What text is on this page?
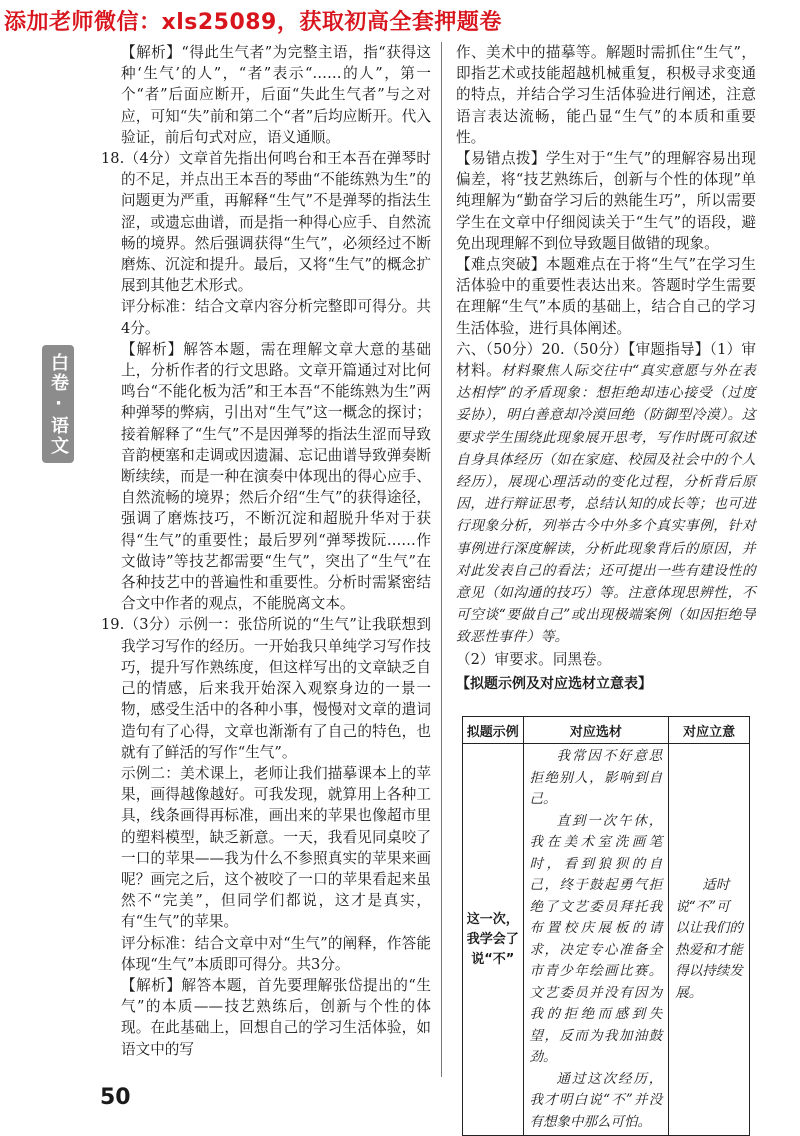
添加老师微信：xls25089，获取初高全套押题卷
白卷·语文

【解析】“得此生气者”为完整主语，指“获得这种‘生气’的人”，“者”表示“……的人”，第一个“者”后面应断开，后面“失此生气者”与之对应，可知“失”前和第二个“者”后均应断开。代入验证，前后句式对应，语义通顺。

18.（4分）文章首先指出何鸣台和王本吾在弹琴时的不足，并点出王本吾的琴曲“不能练熟为生”的问题更为严重，再解释“生气”不是弹琴的指法生涩，或遗忘曲谱，而是指一种得心应手、自然流畅的境界。然后强调获得“生气”，必须经过不断磨炼、沉淀和提升。最后，又将“生气”的概念扩展到其他艺术形式。

评分标准：结合文章内容分析完整即可得分。共4分。

【解析】解答本题，需在理解文章大意的基础上，分析作者的行文思路。文章开篇通过对比何鸣台“不能化板为活”和王本吾“不能练熟为生”两种弹琴的弊病，引出对“生气”这一概念的探讨；接着解释了“生气”不是因弹琴的指法生涩而导致音韵梗塞和走调或因遗漏、忘记曲谱导致弹奏断断续续，而是一种在演奏中体现出的得心应手、自然流畅的境界；然后介绍“生气”的获得途径，强调了磨炼技巧，不断沉淀和超脱升华对于获得“生气”的重要性；最后罗列“弹琴拨阮……作文做诗”等技艺都需要“生气”，突出了“生气”在各种技艺中的普遍性和重要性。分析时需紧密结合文中作者的观点，不能脱离文本。

19.（3分）示例一：张岱所说的“生气”让我联想到我学习写作的经历。一开始我只单纯学习写作技巧，提升写作熟练度，但这样写出的文章缺乏自己的情感，后来我开始深入观察身边的一景一物，感受生活中的各种小事，慢慢对文章的遣词造句有了心得，文章也渐渐有了自己的特色，也就有了鲜活的写作“生气”。

示例二：美术课上，老师让我们描摹课本上的苹果，画得越像越好。可我发现，就算用上各种工具，线条画得再标准，画出来的苹果也像超市里的塑料模型，缺乏新意。一天，我看见同桌咬了一口的苹果——我为什么不参照真实的苹果来画呢？画完之后，这个被咬了一口的苹果看起来虽然不“完美”，但同学们都说，这才是真实，有“生气”的苹果。

评分标准：结合文章中对“生气”的阐释，作答能体现“生气”本质即可得分。共3分。

【解析】解答本题，首先要理解张岱提出的“生气”的本质——技艺熟练后，创新与个性的体现。在此基础上，回想自己的学习生活体验，如语文中的写

作、美术中的描摹等。解题时需抓住“生气”，即指艺术或技能超越机械重复，积极寻求变通的特点，并结合学习生活体验进行阐述，注意语言表达流畅，能凸显“生气”的本质和重要性。

【易错点拨】学生对于“生气”的理解容易出现偏差，将“技艺熟练后，创新与个性的体现”单纯理解为“勤奋学习后的熟能生巧”，所以需要学生在文章中仔细阅读关于“生气”的语段，避免出现理解不到位导致题目做错的现象。

【难点突破】本题难点在于将“生气”在学习生活体验中的重要性表达出来。答题时学生需要在理解“生气”本质的基础上，结合自己的学习生活体验，进行具体阐述。

六、（50分）20.（50分）【审题指导】（1）审材料。材料聚焦人际交往中“真实意愿与外在表达相悖”的矛盾现象：想拒绝却违心接受（过度妥协），明白善意却冷漠回绝（防御型冷漠）。这要求学生围绕此现象展开思考，写作时既可叙述自身具体经历（如在家庭、校园及社会中的个人经历），展现心理活动的变化过程，分析背后原因，进行辩证思考，总结认知的成长等；也可进行现象分析，列举古今中外多个真实事例，针对事例进行深度解读，分析此现象背后的原因，并对此发表自己的看法；还可提出一些有建设性的意见（如沟通的技巧）等。注意体现思辨性，不可空谈“要做自己”或出现极端案例（如因拒绝导致恶性事件）等。

（2）审要求。同黑卷。

【拟题示例及对应选材立意表】

拟题示例	对应选材	对应立意
这一次，我学会了说“不”	我常因不好意思拒绝别人，影响到自己。
直到一次午休，我在美术室洗画笔时，看到狼狈的自己，终于鼓起勇气拒绝了文艺委员拜托我布置校庆展板的请求，决定专心准备全市青少年绘画比赛。文艺委员并没有因为我的拒绝而感到失望，反而为我加油鼓劲。
通过这次经历，我才明白说“不”并没有想象中那么可怕。	适时说“不”可以让我们的热爱和才能得以持续发展。
50
